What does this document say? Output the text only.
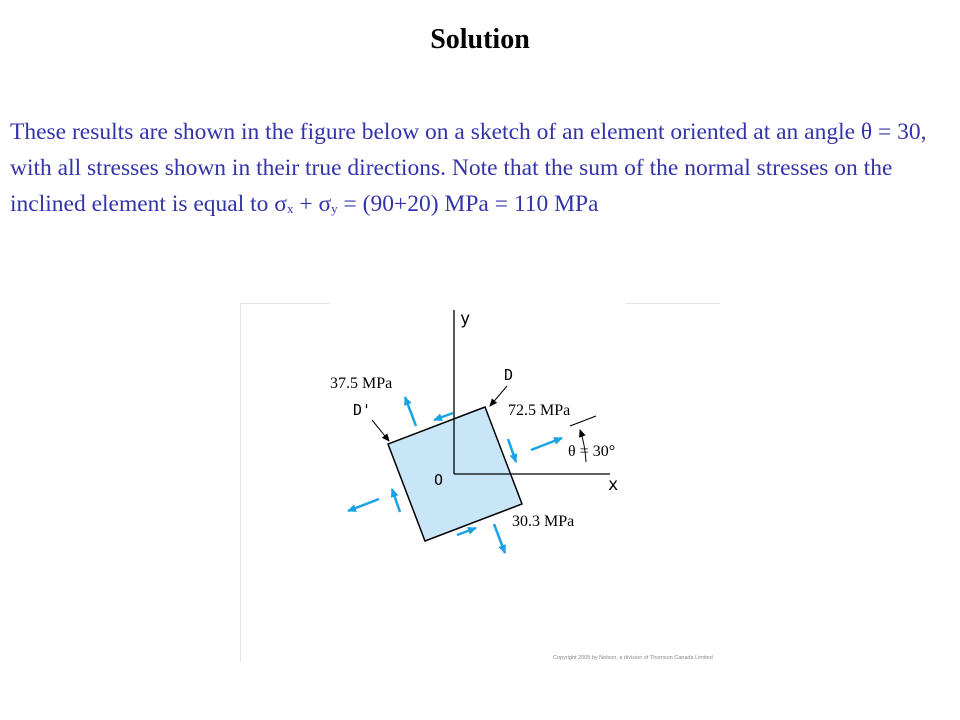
Solution
These results are shown in the figure below on a sketch of an element oriented at an angle θ = 30, with all stresses shown in their true directions. Note that the sum of the normal stresses on the inclined element is equal to $\sigma_x + \sigma_y = (90+20)$ MPa = 110 MPa
y
x
O
θ = 30°
D
D'
37.5 MPa
72.5 MPa
30.3 MPa
Copyright 2005 by Nelson, a division of Thomson Canada Limited
